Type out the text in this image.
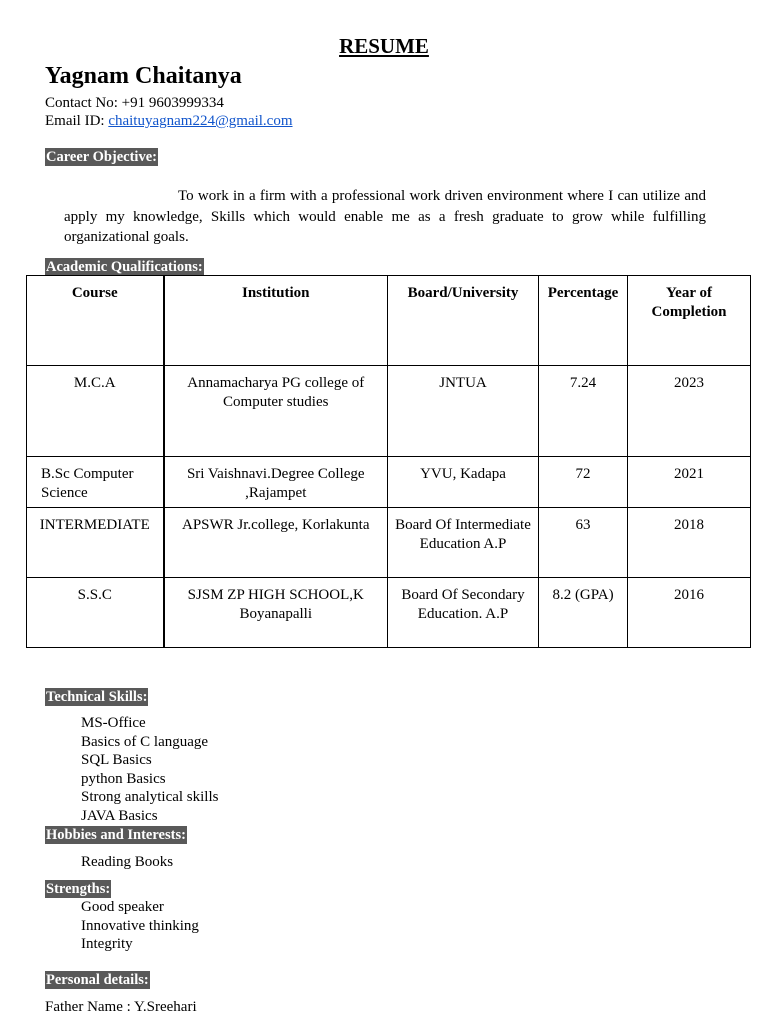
RESUME
Yagnam Chaitanya
Contact No: +91 9603999334
Email ID: chaituyagnam224@gmail.com
Career Objective:
To work in a firm with a professional work driven environment where I can utilize and apply my knowledge, Skills which would enable me as a fresh graduate to grow while fulfilling organizational goals.
Academic Qualifications:
Course	Institution	Board/University	Percentage	Year of Completion
M.C.A	Annamacharya PG college of Computer studies	JNTUA	7.24	2023
B.Sc Computer Science	Sri Vaishnavi.Degree College ,Rajampet	YVU, Kadapa	72	2021
INTERMEDIATE	APSWR Jr.college, Korlakunta	Board Of Intermediate Education A.P	63	2018
S.S.C	SJSM ZP HIGH SCHOOL,K Boyanapalli	Board Of Secondary Education. A.P	8.2 (GPA)	2016
Technical Skills:
MS-Office
Basics of C language
SQL Basics
python Basics
Strong analytical skills
JAVA Basics
Hobbies and Interests:
Reading Books
Strengths:
Good speaker
Innovative thinking
Integrity
Personal details:
Father Name : Y.Sreehari
